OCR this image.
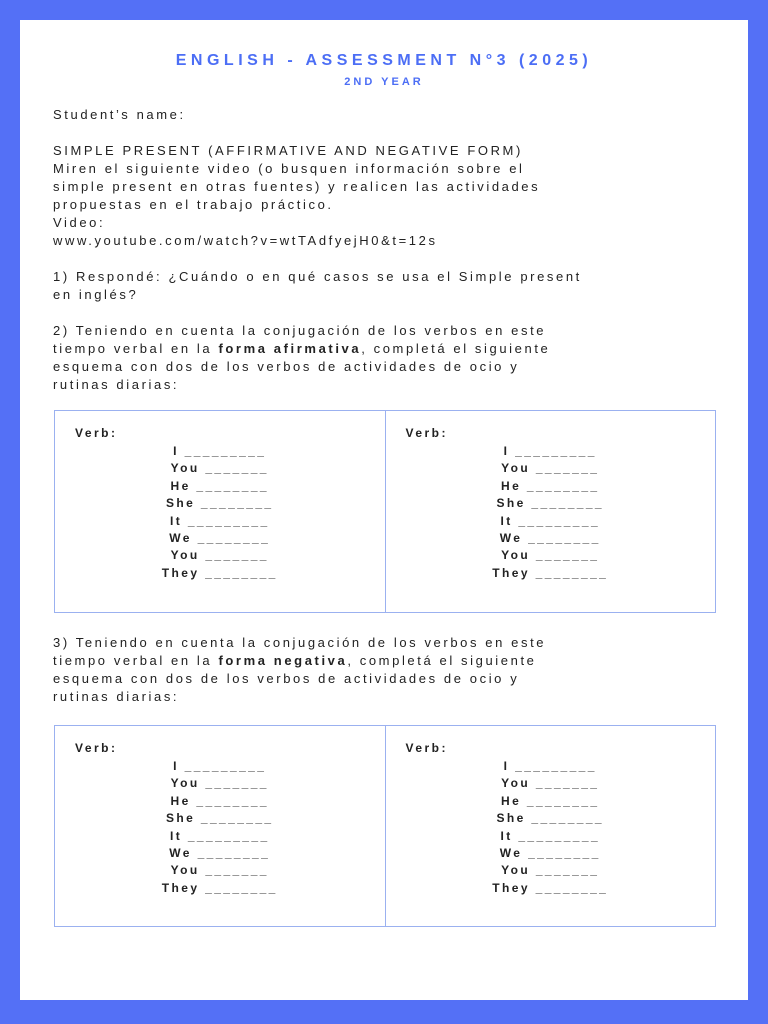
ENGLISH - ASSESSMENT N°3 (2025)
2ND YEAR
Student’s name:
SIMPLE PRESENT (AFFIRMATIVE AND NEGATIVE FORM)
Miren el siguiente video (o busquen información sobre el
simple present en otras fuentes) y realicen las actividades
propuestas en el trabajo práctico.
Video:
www.youtube.com/watch?v=wtTAdfyejH0&t=12s
1) Respondé: ¿Cuándo o en qué casos se usa el Simple present
en inglés?
2) Teniendo en cuenta la conjugación de los verbos en este
tiempo verbal en la forma afirmativa, completá el siguiente
esquema con dos de los verbos de actividades de ocio y
rutinas diarias:
Verb:
I _________
You _______
He ________
She ________
It _________
We ________
You _______
They ________
Verb:
I _________
You _______
He ________
She ________
It _________
We ________
You _______
They ________
3) Teniendo en cuenta la conjugación de los verbos en este
tiempo verbal en la forma negativa, completá el siguiente
esquema con dos de los verbos de actividades de ocio y
rutinas diarias:
Verb:
I _________
You _______
He ________
She ________
It _________
We ________
You _______
They ________
Verb:
I _________
You _______
He ________
She ________
It _________
We ________
You _______
They ________
